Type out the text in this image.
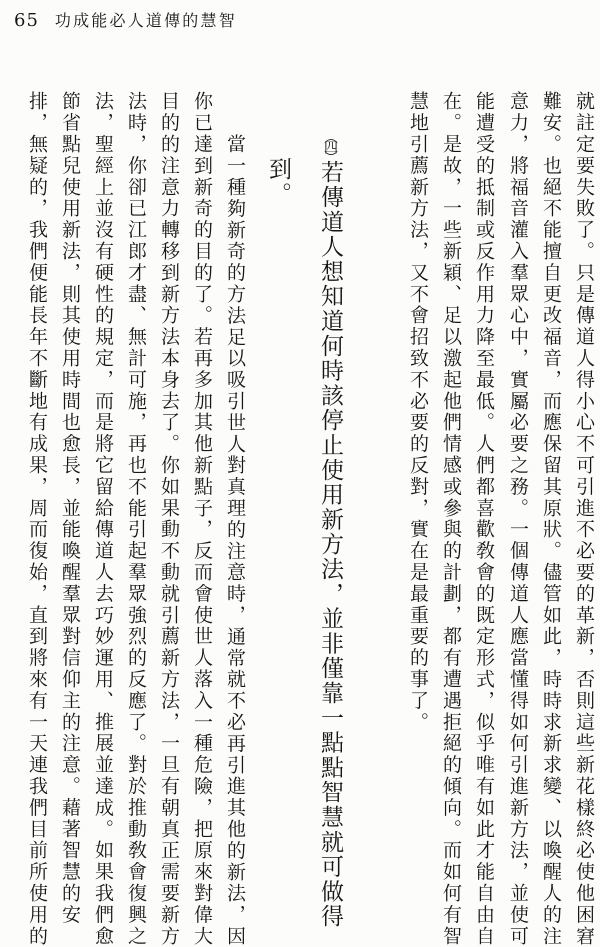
65 功成能必人道傳的慧智
就註定要失敗了。只是傳道人得小心不可引進不必要的革新，否則這些新花樣終必使他困窘
難安。也絕不能擅自更改福音，而應保留其原狀。儘管如此，時時求新求變、以喚醒人的注
意力，將福音灌入羣眾心中，實屬必要之務。一個傳道人應當懂得如何引進新方法，並使可
能遭受的抵制或反作用力降至最低。人們都喜歡敎會的既定形式，似乎唯有如此才能自由自
在。是故，一些新穎、足以激起他們情感或參與的計劃，都有遭遇拒絕的傾向。而如何有智
慧地引薦新方法，又不會招致不必要的反對，實在是最重要的事了。
︵四︶若傳道人想知道何時該停止使用新方法，並非僅靠一點點智慧就可做得
到。
當一種夠新奇的方法足以吸引世人對真理的注意時，通常就不必再引進其他的新法，因
你已達到新奇的目的了。若再多加其他新點子，反而會使世人落入一種危險，把原來對偉大
目的的注意力轉移到新方法本身去了。你如果動不動就引薦新方法，一旦有朝真正需要新方
法時，你卻已江郎才盡、無計可施，再也不能引起羣眾強烈的反應了。對於推動敎會復興之
法，聖經上並沒有硬性的規定，而是將它留給傳道人去巧妙運用、推展並達成。如果我們愈
節省點兒使用新法，則其使用時間也愈長，並能喚醒羣眾對信仰主的注意。藉著智慧的安
排，無疑的，我們便能長年不斷地有成果，周而復始，直到將來有一天連我們目前所使用的
